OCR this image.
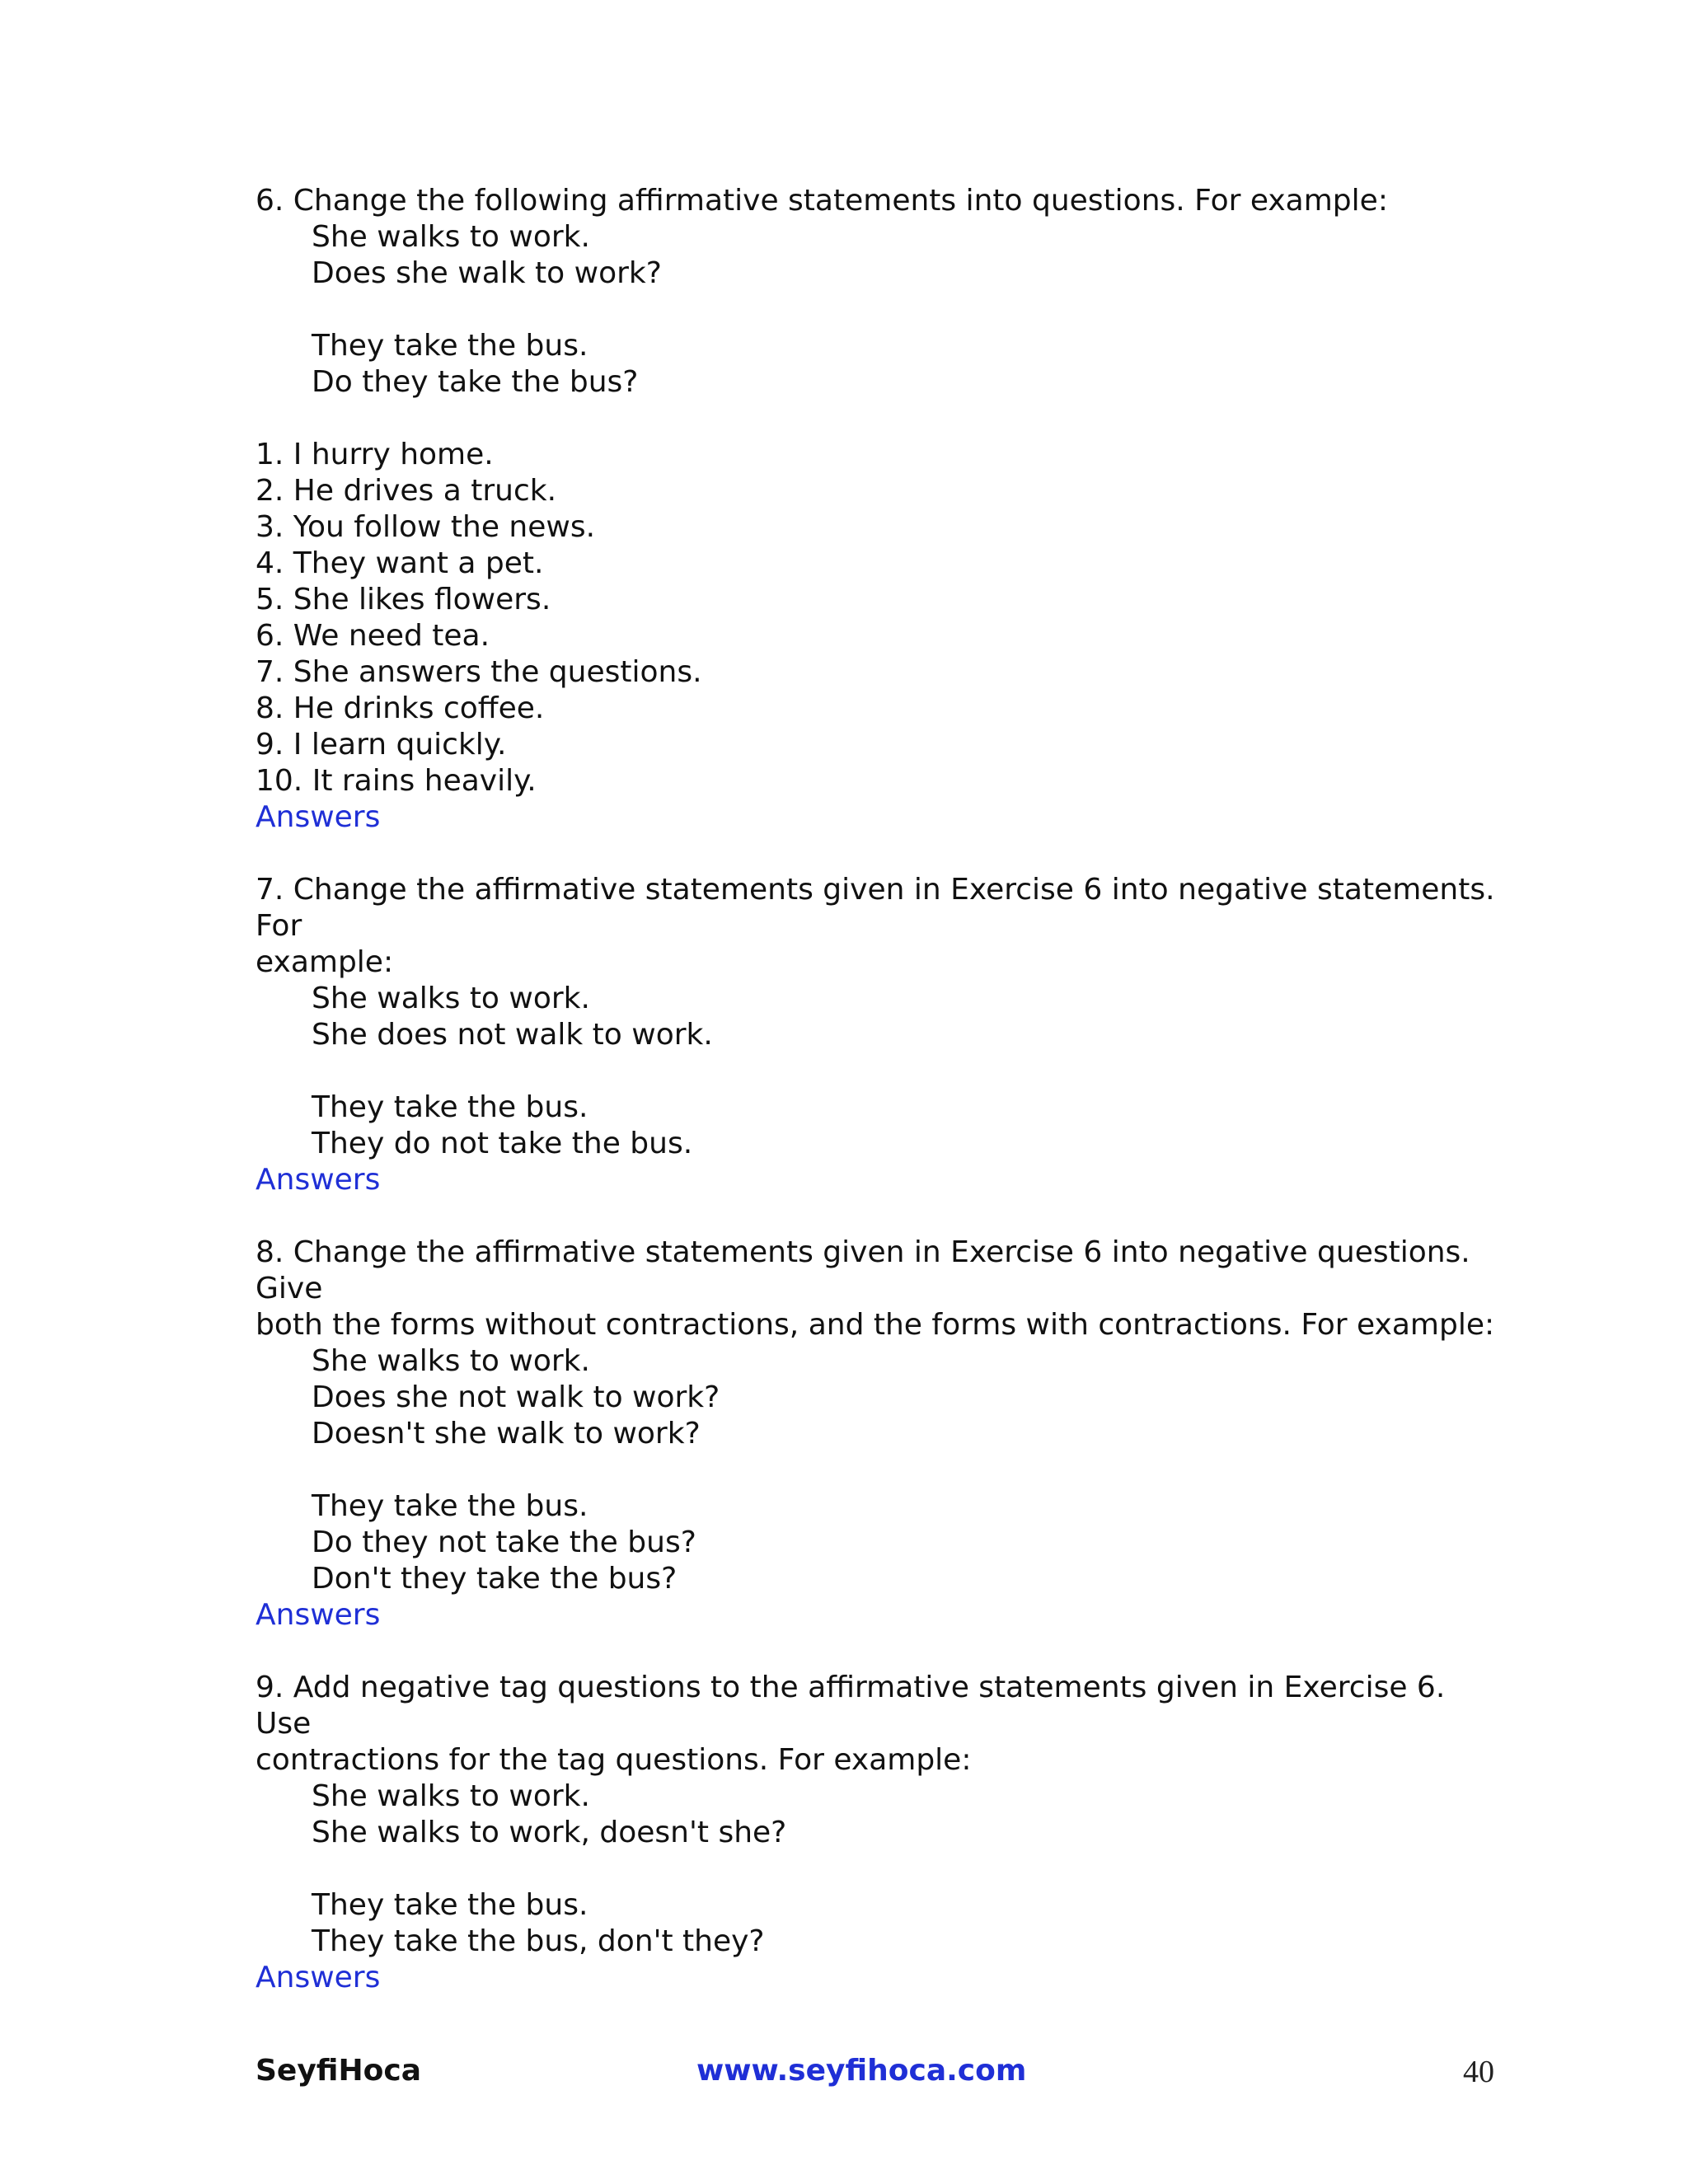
6. Change the following affirmative statements into questions. For example:

She walks to work.

Does she walk to work?

They take the bus.

Do they take the bus?

1. I hurry home.

2. He drives a truck.

3. You follow the news.

4. They want a pet.

5. She likes flowers.

6. We need tea.

7. She answers the questions.

8. He drinks coffee.

9. I learn quickly.

10. It rains heavily.

Answers

7. Change the affirmative statements given in Exercise 6 into negative statements. For

example:

She walks to work.

She does not walk to work.

They take the bus.

They do not take the bus.

Answers

8. Change the affirmative statements given in Exercise 6 into negative questions. Give

both the forms without contractions, and the forms with contractions. For example:

She walks to work.

Does she not walk to work?

Doesn't she walk to work?

They take the bus.

Do they not take the bus?

Don't they take the bus?

Answers

9. Add negative tag questions to the affirmative statements given in Exercise 6. Use

contractions for the tag questions. For example:

She walks to work.

She walks to work, doesn't she?

They take the bus.

They take the bus, don't they?

Answers

SeyfiHoca	www.seyfihoca.com	40
